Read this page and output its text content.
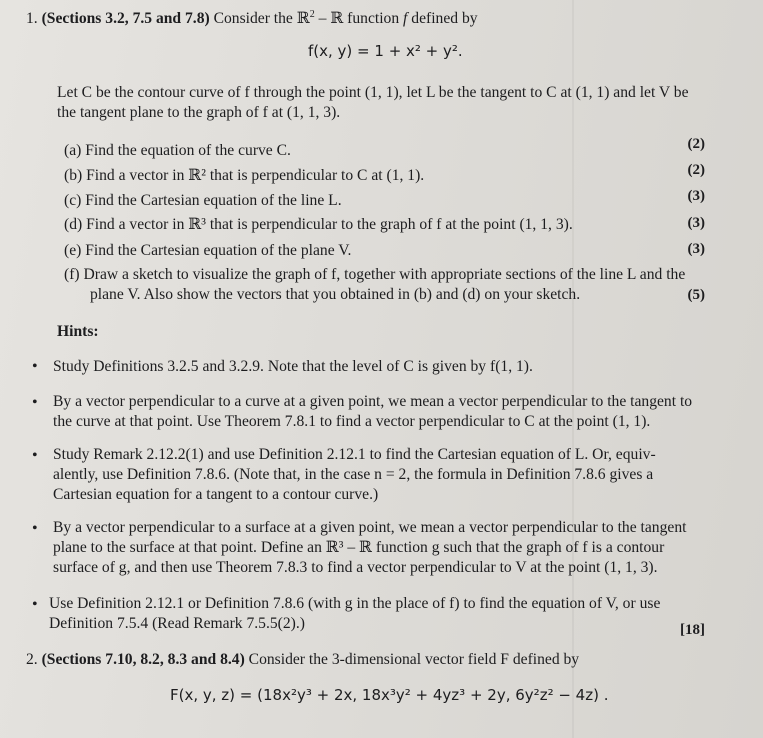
1. (Sections 3.2, 7.5 and 7.8) Consider the ℝ$^2$ – ℝ function f defined by
f(x, y) = 1 + x² + y².
Let C be the contour curve of f through the point (1, 1), let L be the tangent to C at (1, 1) and let V be
the tangent plane to the graph of f at (1, 1, 3).
(a) Find the equation of the curve C.	(2)
(b) Find a vector in ℝ² that is perpendicular to C at (1, 1).	(2)
(c) Find the Cartesian equation of the line L.	(3)
(d) Find a vector in ℝ³ that is perpendicular to the graph of f at the point (1, 1, 3).	(3)
(e) Find the Cartesian equation of the plane V.	(3)
(f) Draw a sketch to visualize the graph of f, together with appropriate sections of the line L and the
plane V. Also show the vectors that you obtained in (b) and (d) on your sketch.	(5)
Hints:
• Study Definitions 3.2.5 and 3.2.9. Note that the level of C is given by f(1, 1).
• By a vector perpendicular to a curve at a given point, we mean a vector perpendicular to the tangent to
the curve at that point. Use Theorem 7.8.1 to find a vector perpendicular to C at the point (1, 1).
• Study Remark 2.12.2(1) and use Definition 2.12.1 to find the Cartesian equation of L. Or, equiv-
alently, use Definition 7.8.6. (Note that, in the case n = 2, the formula in Definition 7.8.6 gives a
Cartesian equation for a tangent to a contour curve.)
• By a vector perpendicular to a surface at a given point, we mean a vector perpendicular to the tangent
plane to the surface at that point. Define an ℝ³ – ℝ function g such that the graph of f is a contour
surface of g, and then use Theorem 7.8.3 to find a vector perpendicular to V at the point (1, 1, 3).
• Use Definition 2.12.1 or Definition 7.8.6 (with g in the place of f) to find the equation of V, or use
Definition 7.5.4 (Read Remark 7.5.5(2).)	[18]
2. (Sections 7.10, 8.2, 8.3 and 8.4) Consider the 3-dimensional vector field F defined by
F(x, y, z) = (18x²y³ + 2x, 18x³y² + 4yz³ + 2y, 6y²z² − 4z) .
